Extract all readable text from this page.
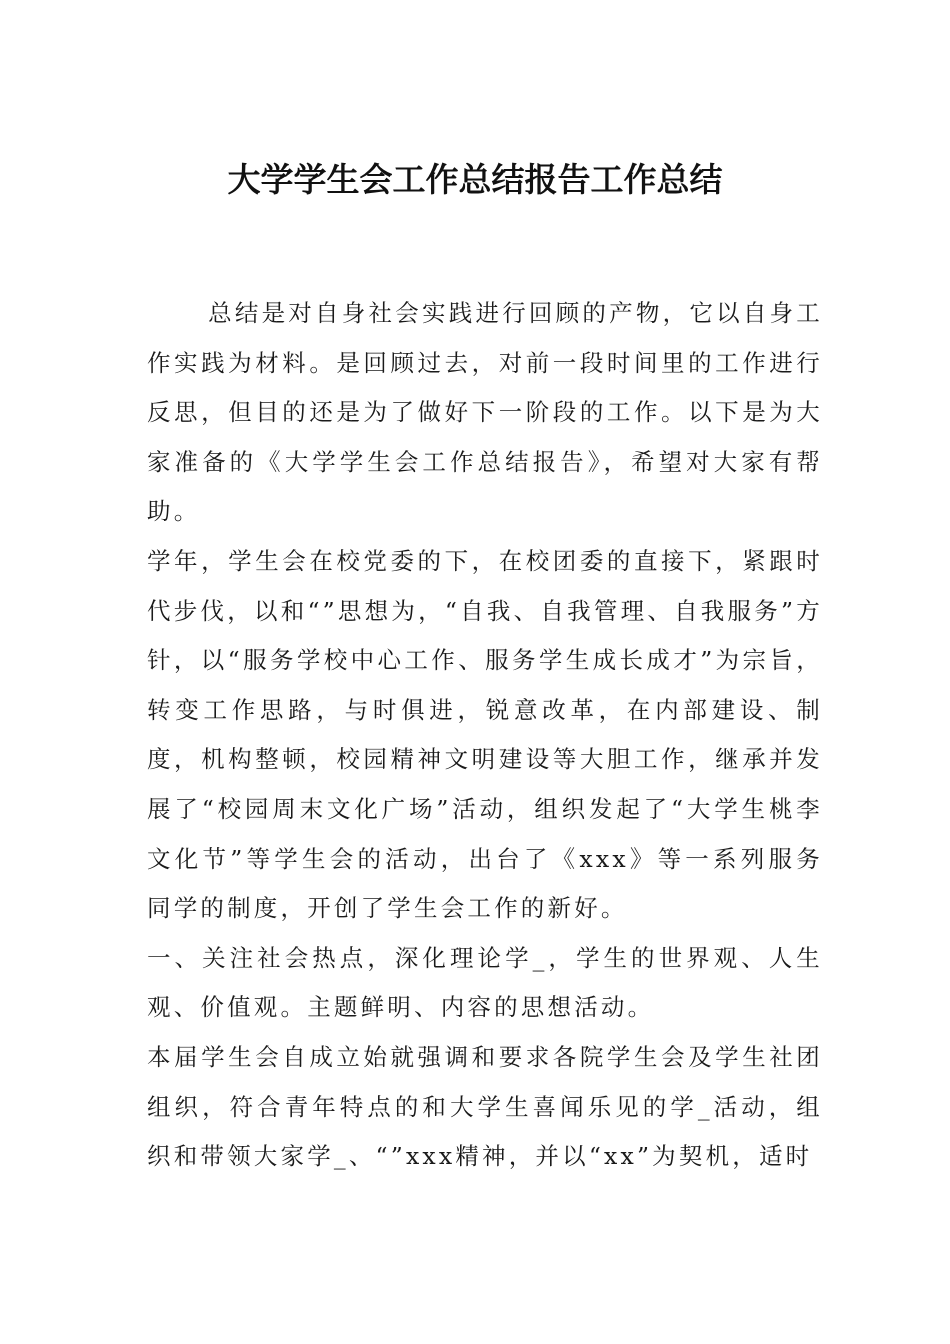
大学学生会工作总结报告工作总结

总结是对自身社会实践进行回顾的产物，它以自身工作实践为材料。是回顾过去，对前一段时间里的工作进行反思，但目的还是为了做好下一阶段的工作。以下是为大家准备的《大学学生会工作总结报告》，希望对大家有帮助。

学年，学生会在校党委的下，在校团委的直接下，紧跟时代步伐，以和“”思想为，“自我、自我管理、自我服务”方针，以“服务学校中心工作、服务学生成长成才”为宗旨，转变工作思路，与时俱进，锐意改革，在内部建设、制度，机构整顿，校园精神文明建设等大胆工作，继承并发展了“校园周末文化广场”活动，组织发起了“大学生桃李文化节”等学生会的活动，出台了《xxx》等一系列服务同学的制度，开创了学生会工作的新好。

一、关注社会热点，深化理论学_，学生的世界观、人生观、价值观。主题鲜明、内容的思想活动。

本届学生会自成立始就强调和要求各院学生会及学生社团组织，符合青年特点的和大学生喜闻乐见的学_活动，组织和带领大家学_、“”xxx精神，并以“xx”为契机，适时
